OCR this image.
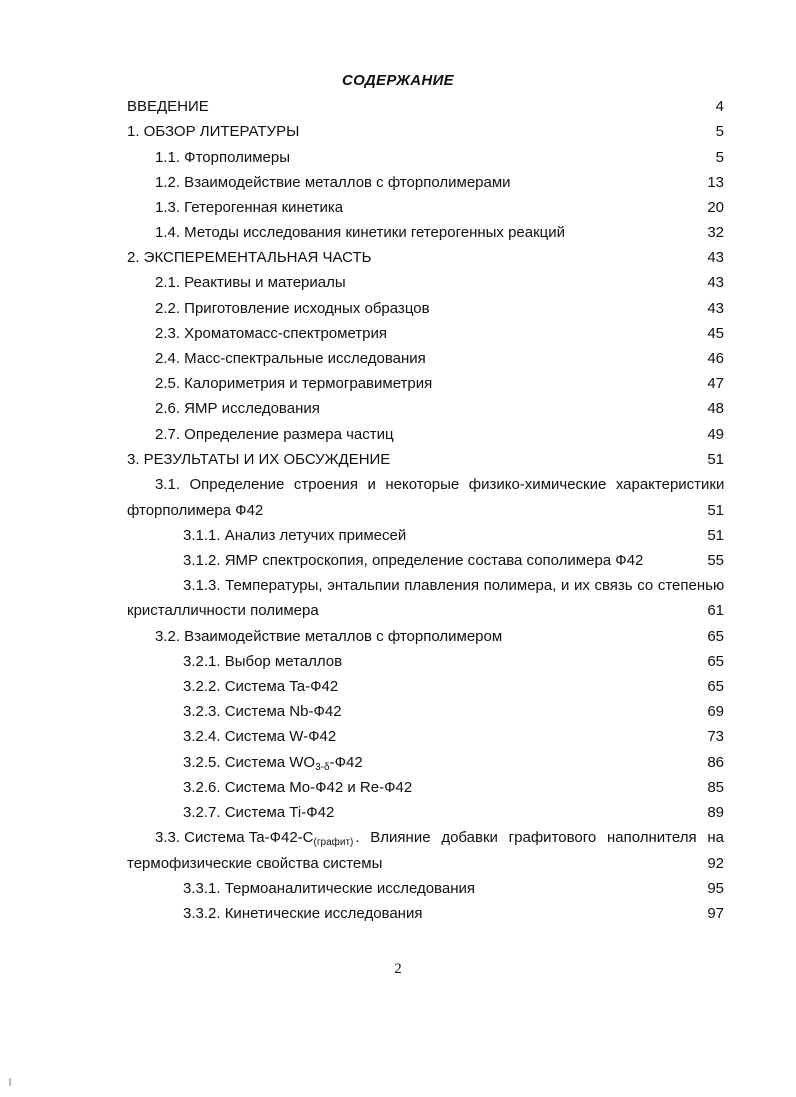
СОДЕРЖАНИЕ
ВВЕДЕНИЕ	4
1. ОБЗОР ЛИТЕРАТУРЫ	5
1.1. Фторполимеры	5
1.2. Взаимодействие металлов с фторполимерами	13
1.3. Гетерогенная кинетика	20
1.4. Методы исследования кинетики гетерогенных реакций	32
2. ЭКСПЕРЕМЕНТАЛЬНАЯ ЧАСТЬ	43
2.1. Реактивы и материалы	43
2.2. Приготовление исходных образцов	43
2.3. Хроматомасс-спектрометрия	45
2.4. Масс-спектральные исследования	46
2.5. Калориметрия и термогравиметрия	47
2.6. ЯМР исследования	48
2.7. Определение размера частиц	49
3. РЕЗУЛЬТАТЫ И ИХ ОБСУЖДЕНИЕ	51
3.1. Определение строения и некоторые физико-химические характеристики
фторполимера Ф42	51
3.1.1. Анализ летучих примесей	51
3.1.2. ЯМР спектроскопия, определение состава сополимера Ф42	55
3.1.3. Температуры, энтальпии плавления полимера, и их связь со степенью
кристалличности полимера	61
3.2. Взаимодействие металлов с фторполимером	65
3.2.1. Выбор металлов	65
3.2.2. Система Ta-Ф42	65
3.2.3. Система Nb-Ф42	69
3.2.4. Система W-Ф42	73
3.2.5. Система $WO_{3-\delta}-Ф42$	86
3.2.6. Система Mo-Ф42 и Re-Ф42	85
3.2.7. Система Ti-Ф42	89
3.3. Система $Ta-Ф42-C_{(графит)}$ . Влияние добавки графитового наполнителя на
термофизические свойства системы	92
3.3.1. Термоаналитические исследования	95
3.3.2. Кинетические исследования	97
2
